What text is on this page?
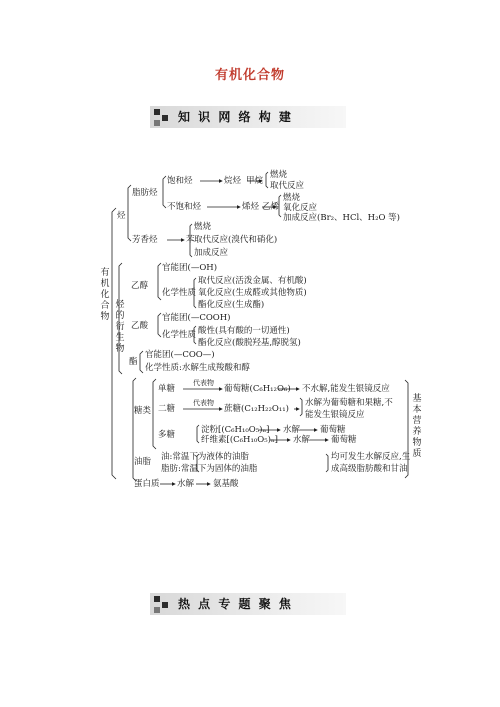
有机化合物
知 识 网 络 构 建
有机化合物
烃
脂肪烃
饱和烃	烷烃 甲烷
燃烧
取代反应
不饱和烃	烯烃 乙烯
燃烧
氧化反应
加成反应(Br₂、HCl、H₂O 等)
芳香烃	苯
燃烧
取代反应(溴代和硝化)
加成反应
烃的衍生物
乙醇
官能团(—OH)
化学性质
取代反应(活泼金属、有机酸)
氧化反应(生成醛或其他物质)
酯化反应(生成酯)
乙酸
官能团(—COOH)
化学性质 酸性(具有酸的一切通性)
酯化反应(酸脱羟基,醇脱氢)
酯
官能团(—COO—)
化学性质:水解生成羧酸和醇
糖类
单糖
代表物
葡萄糖(C₆H₁₂O₆) 不水解,能发生银镜反应
二糖
代表物
蔗糖(C₁₂H₂₂O₁₁)
水解为葡萄糖和果糖,不
能发生银镜反应
多糖	淀粉[(C₆H₁₀O₅)ₙ] 水解 葡萄糖
纤维素[(C₆H₁₀O₅)ₙ] 水解 葡萄糖
油脂 油:常温下为液体的油脂
脂肪:常温下为固体的油脂
均可发生水解反应,生
成高级脂肪酸和甘油
蛋白质 水解 氨基酸
基本营养物质
热 点 专 题 聚 焦
